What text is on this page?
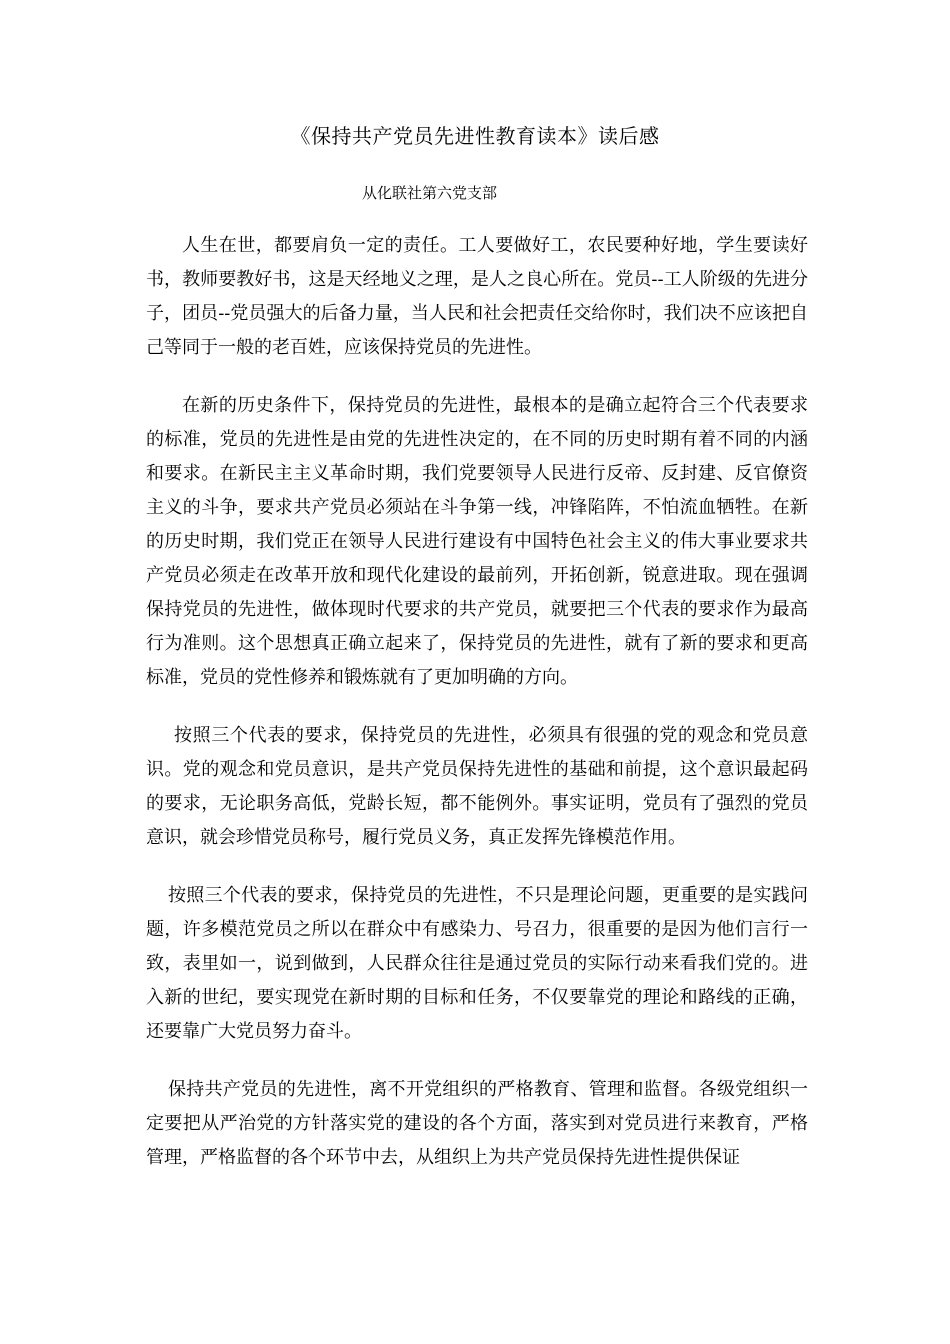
《保持共产党员先进性教育读本》读后感
从化联社第六党支部

人生在世，都要肩负一定的责任。工人要做好工，农民要种好地，学生要读好书，教师要教好书，这是天经地义之理，是人之良心所在。党员--工人阶级的先进分子，团员--党员强大的后备力量，当人民和社会把责任交给你时，我们决不应该把自己等同于一般的老百姓，应该保持党员的先进性。

在新的历史条件下，保持党员的先进性，最根本的是确立起符合三个代表要求的标准，党员的先进性是由党的先进性决定的，在不同的历史时期有着不同的内涵和要求。在新民主主义革命时期，我们党要领导人民进行反帝、反封建、反官僚资主义的斗争，要求共产党员必须站在斗争第一线，冲锋陷阵，不怕流血牺牲。在新的历史时期，我们党正在领导人民进行建设有中国特色社会主义的伟大事业要求共产党员必须走在改革开放和现代化建设的最前列，开拓创新，锐意进取。现在强调保持党员的先进性，做体现时代要求的共产党员，就要把三个代表的要求作为最高行为准则。这个思想真正确立起来了，保持党员的先进性，就有了新的要求和更高标准，党员的党性修养和锻炼就有了更加明确的方向。

按照三个代表的要求，保持党员的先进性，必须具有很强的党的观念和党员意识。党的观念和党员意识，是共产党员保持先进性的基础和前提，这个意识最起码的要求，无论职务高低，党龄长短，都不能例外。事实证明，党员有了强烈的党员意识，就会珍惜党员称号，履行党员义务，真正发挥先锋模范作用。

按照三个代表的要求，保持党员的先进性，不只是理论问题，更重要的是实践问题，许多模范党员之所以在群众中有感染力、号召力，很重要的是因为他们言行一致，表里如一，说到做到，人民群众往往是通过党员的实际行动来看我们党的。进入新的世纪，要实现党在新时期的目标和任务，不仅要靠党的理论和路线的正确，还要靠广大党员努力奋斗。

保持共产党员的先进性，离不开党组织的严格教育、管理和监督。各级党组织一定要把从严治党的方针落实党的建设的各个方面，落实到对党员进行来教育，严格管理，严格监督的各个环节中去，从组织上为共产党员保持先进性提供保证
